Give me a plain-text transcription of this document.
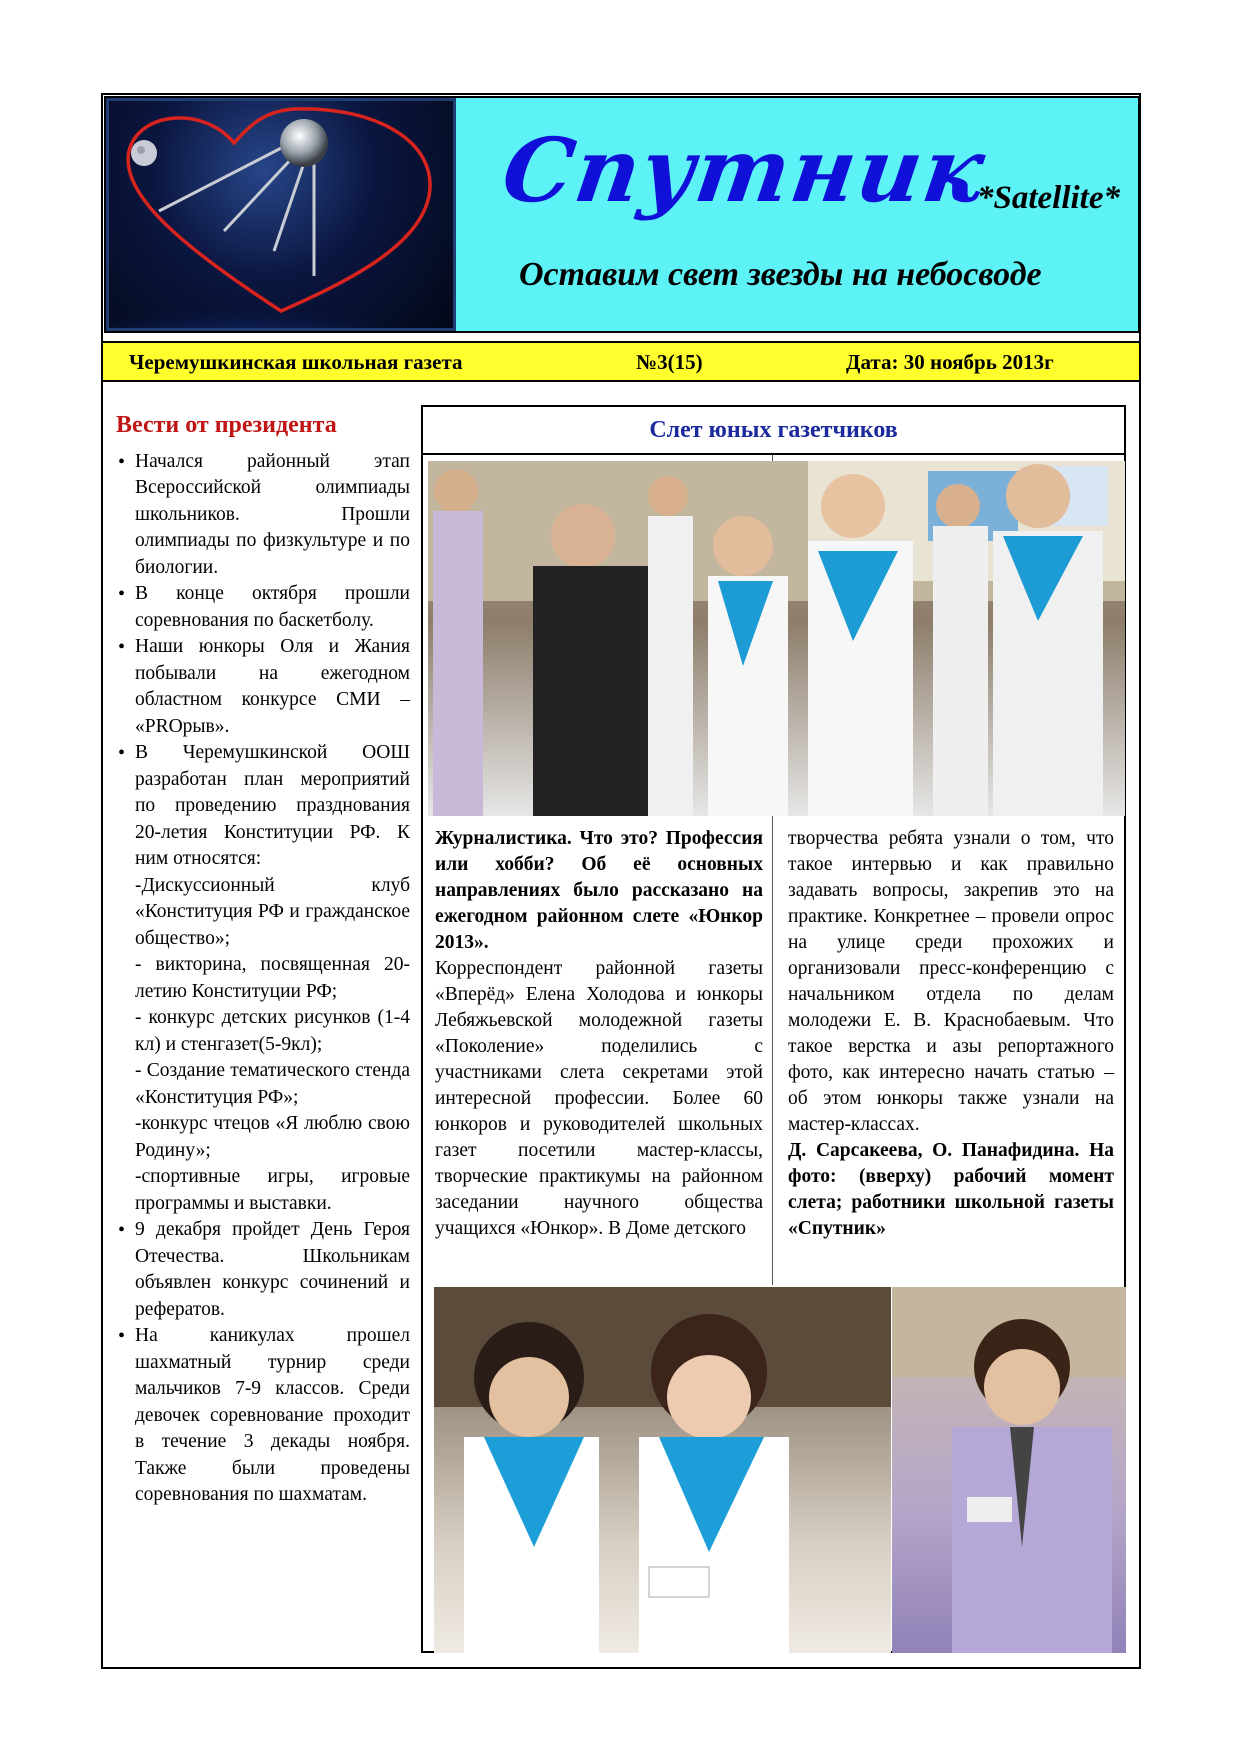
Спутник
*Satellite*
Оставим свет звезды на небосводе
Черемушкинская школьная газета	№3(15)	Дата: 30 ноябрь 2013г
Вести от президента
• Начался районный этап Всероссийской олимпиады школьников. Прошли олимпиады по физкультуре и по биологии.
• В конце октября прошли соревнования по баскетболу.
• Наши юнкоры Оля и Жания побывали на ежегодном областном конкурсе СМИ – «PROрыв».

• В Черемушкинской ООШ разработан план мероприятий по проведению празднования 20-летия Конституции РФ. К ним относятся:

-Дискуссионный клуб «Конституция РФ и гражданское общество»;

- викторина, посвященная 20-летию Конституции РФ;

- конкурс детских рисунков (1-4 кл) и стенгазет(5-9кл);

- Создание тематического стенда «Конституция РФ»;

-конкурс чтецов «Я люблю свою Родину»;

-спортивные игры, игровые программы и выставки.

• 9 декабря пройдет День Героя Отечества. Школьникам объявлен конкурс сочинений и рефератов.
• На каникулах прошел шахматный турнир среди мальчиков 7-9 классов. Среди девочек соревнование проходит в течение 3 декады ноября. Также были проведены соревнования по шахматам.
Слет юных газетчиков

Журналистика. Что это? Профессия или хобби? Об её основных направлениях было рассказано на ежегодном районном слете «Юнкор 2013».

Корреспондент районной газеты «Вперёд» Елена Холодова и юнкоры Лебяжьевской молодежной газеты «Поколение» поделились с участниками слета секретами этой интересной профессии. Более 60 юнкоров и руководителей школьных газет посетили мастер-классы, творческие практикумы на районном заседании научного общества учащихся «Юнкор». В Доме детского

творчества ребята узнали о том, что такое интервью и как правильно задавать вопросы, закрепив это на практике. Конкретнее – провели опрос на улице среди прохожих и организовали пресс-конференцию с начальником отдела по делам молодежи Е. В. Краснобаевым. Что такое верстка и азы репортажного фото, как интересно начать статью – об этом юнкоры также узнали на мастер-классах.

Д. Сарсакеева, О. Панафидина. На фото: (вверху) рабочий момент слета; работники школьной газеты «Спутник»
